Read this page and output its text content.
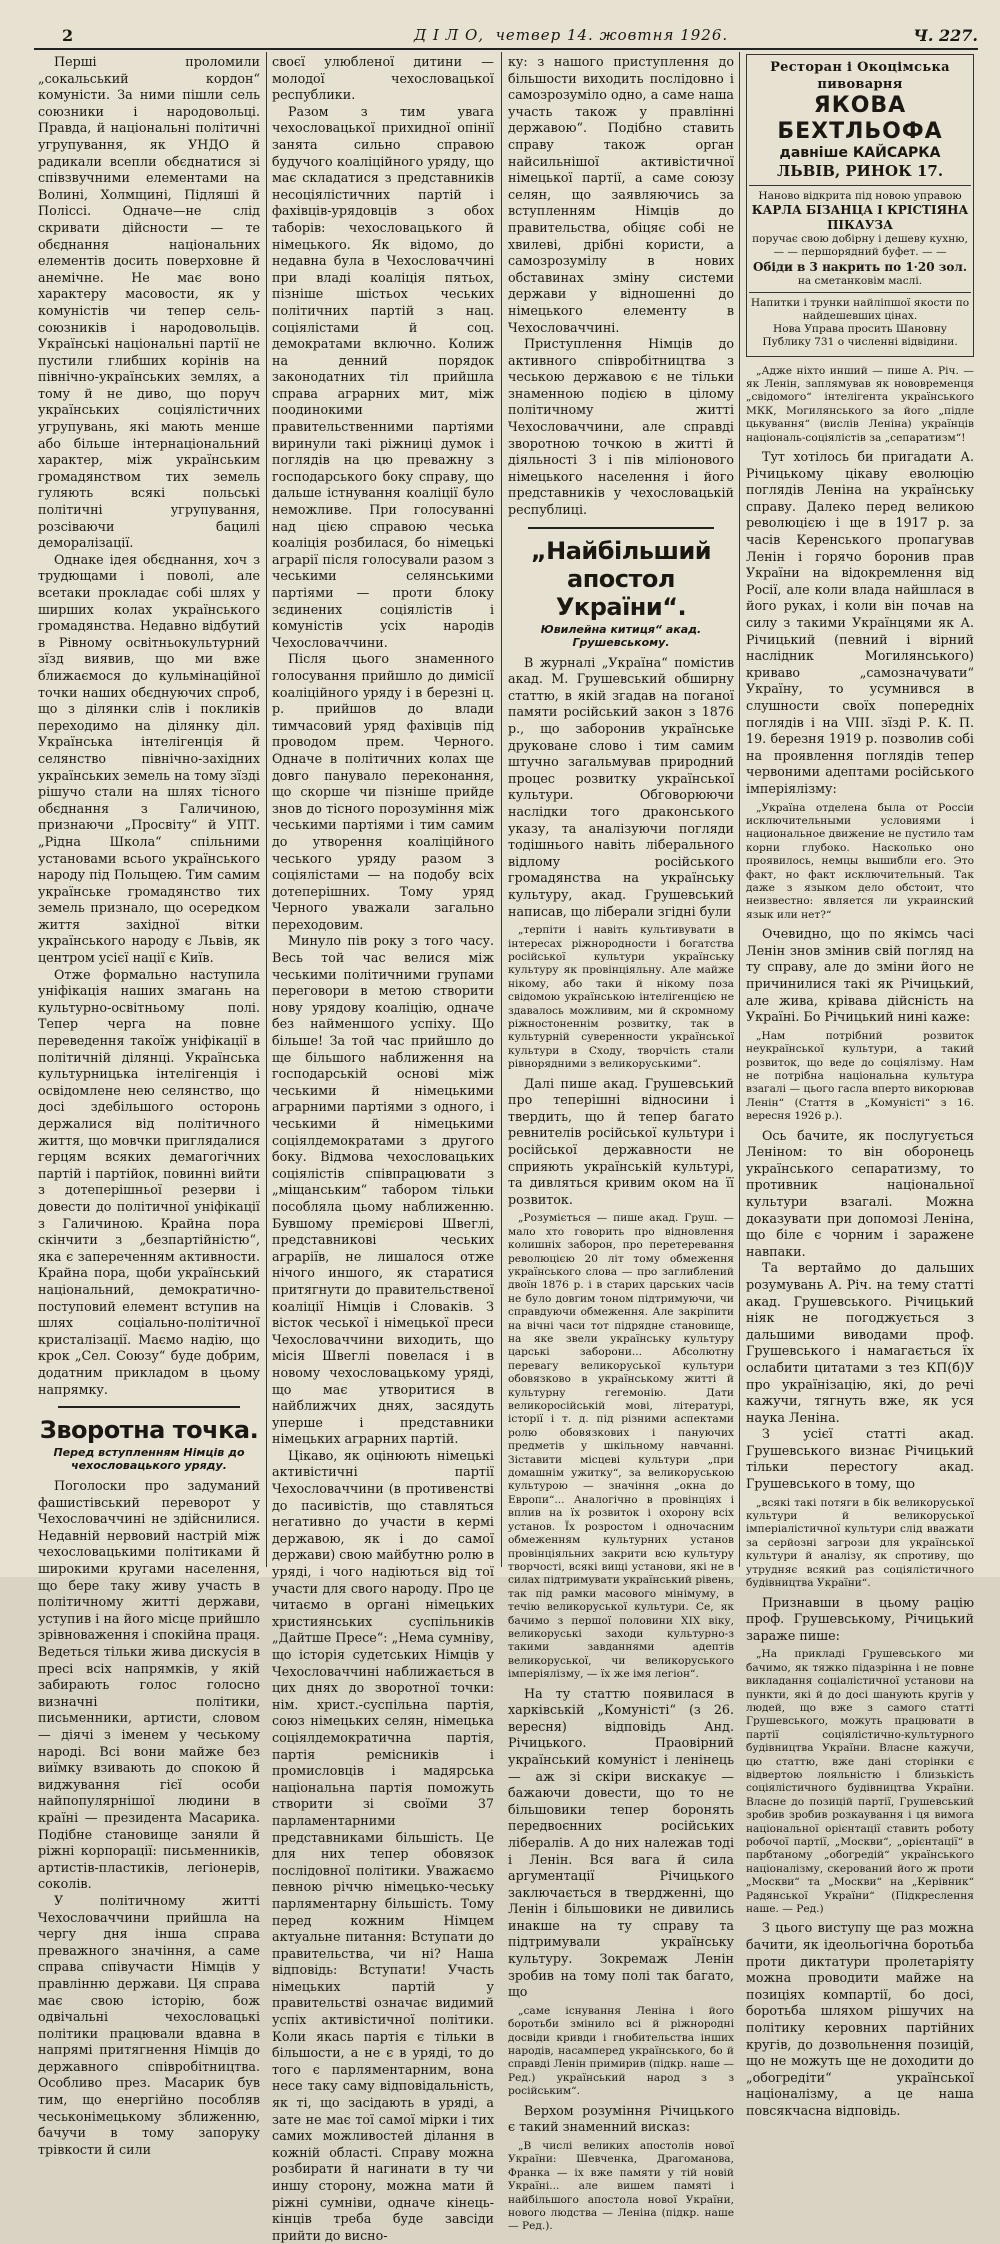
2	Д І Л О, четвер 14. жовтня 1926.	Ч. 227.

Перші проломили „сокальський кордон“ комуністи. За ними пішли сель союзники і народовольці. Правда, й національні політичні угрупування, як УНДО й радикали всепли обєднатися зі співзвучними елементами на Волині, Холмщині, Підляші й Поліссі. Одначе—не слід скривати дійсности — те обєднання національних елементів досить поверховне й анемічне. Не має воно характеру масовости, як у комуністів чи тепер сель-союзників і народовольців. Українські національні партії не пустили глибших корінів на північно-українських землях, а тому й не диво, що поруч українських соціялістичних угрупувань, які мають менше або більше інтернаціональний характер, між українським громадянством тих земель гуляють всякі польські політичні угрупування, розсіваючи бацилі деморалізації.

Однаке ідея обєднання, хоч з трудющами і поволі, але всетаки прокладає собі шлях у ширших колах українського громадянства. Недавно відбутий в Рівному освітньокультурний зїзд виявив, що ми вже ближаємося до кульмінаційної точки наших обєднуючих спроб, що з ділянки слів і покликів переходимо на ділянку діл. Українська інтелігенція й селянство північно-західних українських земель на тому зїзді рішучо стали на шлях тісного обєднання з Галичиною, признаючи „Просвіту“ й УПТ. „Рідна Школа“ спільними установами всього українського народу під Польщею. Тим самим українське громадянство тих земель признало, що осередком життя західної вітки українського народу є Львів, як центром усієї нації є Київ.

Отже формально наступила уніфікація наших змагань на культурно-освітньому полі. Тепер черга на повне переведення такоїж уніфікації в політичній ділянці. Українська культурницька інтелігенція і освідомлене нею селянство, що досі здебільшого осторонь держалися від політичного життя, що мовчки приглядалися герцям всяких демагогічних партій і партійок, повинні вийти з дотеперішньої резерви і довести до політичної уніфікації з Галичиною. Крайна пора скінчити з „безпартійністю“, яка є запереченням активности. Крайна пора, щоби український національний, демократично-поступовий елемент вступив на шлях соціально-політичної кристалізації. Маємо надію, що крок „Сел. Союзу“ буде добрим, додатним прикладом в цьому напрямку.

Зворотна точка.
Перед вступленням Німців до чехословацького уряду.

Поголоски про задуманий фашистівський переворот у Чехословаччині не здійснилися. Недавній нервовий настрій між чехословацькими політиками й широкими кругами населення, що бере таку живу участь в політичному житті держави, уступив і на його місце прийшло зрівноваження і спокійна праця. Ведеться тільки жива дискусія в пресі всіх напрямків, у якій забирають голос голосно визначні політики, письменники, артисти, словом — діячі з іменем у чеському народі. Всі вони майже без виїмку взивають до спокою й виджування гієї особи найпопулярнішої людини в країні — президента Масарика. Подібне становище заняли й ріжні корпорації: письменників, артистів-пластиків, легіонерів, соколів.

У політичному житті Чехословаччини прийшла на чергу дня інша справа преважного значіння, а саме справа співучасти Німців у правлінню держави. Ця справа має свою історію, бож одвічальні чехословацькі політики працювали вдавна в напрямі притягнення Німців до державного співробітництва. Особливо през. Масарик був тим, що енергійно пособляв чеськонімецькому зближенню, бачучи в тому запоруку трівкости й сили

своєї улюбленої дитини — молодої чехословацької республики.

Разом з тим увага чехословацької прихидної опінії занята сильно справою будучого коаліційного уряду, що має складатися з представників несоціялістичних партій і фахівців-урядовців з обох таборів: чехословацького й німецького. Як відомо, до недавна була в Чехословаччині при владі коаліція пятьох, пізніше шістьох чеських політичних партій з нац. соціялістами й соц. демократами включно. Колиж на денний порядок законодатних тіл прийшла справа аграрних мит, між поодинокими правительственними партіями виринули такі ріжниці думок і поглядів на цю преважну з господарського боку справу, що дальше істнування коаліції було неможливе. При голосуванні над цією справою чеська коаліція розбилася, бо німецькі аграрії після голосували разом з чеськими селянськими партіями — проти блоку зєдинених соціялістів і комуністів усіх народів Чехословаччини.

Після цього знаменного голосування прийшло до димісії коаліційного уряду і в березні ц. р. прийшов до влади тимчасовий уряд фахівців під проводом прем. Черного. Одначе в політичних колах ще довго панувало переконання, що скорше чи пізніше прийде знов до тісного порозуміння між чеськими партіями і тим самим до утворення коаліційного чеського уряду разом з соціялістами — на подобу всіх дотеперішних. Тому уряд Черного уважали загально переходовим.

Минуло пів року з того часу. Весь той час велися між чеськими політичними групами переговори в метою створити нову урядову коаліцію, одначе без найменшого успіху. Що більше! За той час прийшло до ще більшого наближення на господарській основі між чеськими й німецькими аграрними партіями з одного, і чеськими й німецькими соціялдемократами з другого боку. Відмова чехословацьких соціялістів співпрацювати з „міщанським“ табором тільки пособляла цьому наближенню. Бувшому премієрові Швеглі, представникові чеських аграріїв, не лишалося отже нічого иншого, як старатися притягнути до правительственої коаліції Німців і Словаків. З вісток чеської і німецької преси Чехословаччини виходить, що місія Швеглі повелася і в новому чехословацькому уряді, що має утворитися в найближчих днях, засядуть уперше і представники німецьких аграрних партій.

Цікаво, як оцінюють німецькі активістичні партії Чехословаччини (в противенстві до пасивістів, що ставляться негативно до участи в кермі державою, як і до самої держави) свою майбутню ролю в уряді, і чого надіються від тої участи для свого народу. Про це читаємо в органі німецьких християнських суспільників „Дайтше Пресе“: „Нема сумніву, що історія судетських Німців у Чехословаччині наближається в цих днях до зворотної точки: нім. христ.-суспільна партія, союз німецьких селян, німецька соціялдемократична партія, партія ремісників і промисловців і мадярська національна партія поможуть створити зі своїми 37 парламентарними представниками більшість. Це для них тепер обовязок послідовної політики. Уважаємо певною річчю німецько-чеську парляментарну більшість. Тому перед кожним Німцем актуальне питання: Вступати до правительства, чи ні? Наша відповідь: Вступати! Участь німецьких партій у правительстві означає видимий успіх активістичної політики. Коли якась партія є тільки в більшости, а не є в уряді, то до того є парляментарним, вона несе таку саму відповідальність, як ті, що засідають в уряді, а зате не має тої самої мірки і тих самих можливостей ділання в кожній області. Справу можна розбирати й нагинати в ту чи иншу сторону, можна мати й ріжні сумніви, одначе кінець-кінців треба буде завсіди прийти до висно-

ку: з нашого приступлення до більшости виходить послідовно і самозрозуміло одно, а саме наша участь також у правлінні державою“. Подібно ставить справу також орган найсильнішої активістичної німецької партії, а саме союзу селян, що заявляючись за вступленням Німців до правительства, обіцяє собі не хвилеві, дрібні користи, а самозрозумілу в нових обставинах зміну системи держави у відношенні до німецького елементу в Чехословаччині.

Приступлення Німців до активного співробітництва з чеською державою є не тільки знаменною подією в цілому політичному житті Чехословаччини, але справді зворотною точкою в житті й діяльності 3 і пів міліонового німецького населення і його представників у чехословацькій республиці.

„Найбільший апостол України“.
Ювилейна китиця“ акад. Грушевському.

В журналі „Україна“ помістив акад. М. Грушевський обширну статтю, в якій згадав на поганої памяти російський закон з 1876 р., що заборонив українське друковане слово і тим самим штучно загальмував природний процес розвитку української культури. Обговорюючи наслідки того драконського указу, та аналізуючи погляди тодішнього навіть ліберального відлому російського громадянства на українську культуру, акад. Грушевський написав, що ліберали згідні були

„терпіти і навіть культивувати в інтересах ріжнородности і богатства російської культури українську культуру як провінціяльну. Але майже нікому, або таки й нікому поза свідомою українською інтелігенцією не здавалось можливим, ми й скромному ріжностоненнім розвитку, так в культурній суверенности української культури в Сходу, творчість стали рівнорядними з великоруськими“.

Далі пише акад. Грушевський про теперішні відносини і твердить, що й тепер багато ревнителів російської культури і російської державности не сприяють українській культурі, та дивляться кривим оком на її розвиток.

„Розуміється — пише акад. Груш. — мало хто говорить про відновлення колишніх заборон, про перетеревання революцією 20 літ тому обмеження українського слова — про заглиблений двоїн 1876 р. і в старих царських часів не було довгим тоном підтримуючи, чи справдуючи обмеження. Але закріпити на вічні часи тот підрядне становище, на яке звели українську культуру царські заборони... Абсолютну перевагу великоруської культури обовязково в українському житті й культурну гегемонію. Дати великоросійській мові, літературі, історії і т. д. під різними аспектами ролю обовязкових і пануючих предметів у шкільному навчанні. Зіставити місцеві культури „при домашнім ужитку“, за великоруською культурою — значіння „окна до Европи“... Аналогічно в провінціях і вплив на їх розвиток і охорону всіх установ. Їх розростом і одночасним обмеженням культурних установ провінціяльних закрити всю культуру творчості, всякі вищі установи, які не в силах підтримувати український рівень, так під рамки масового мінімуму, в течію великоруської культури. Се, як бачимо з першої половини XIX віку, великоруські заходи культурно-з такими завданнями адептів великоруської, чи великоруського імперіялізму, — їх же імя легіон“.

На ту статтю появилася в харківській „Комуністі“ (з 26. вересня) відповідь Анд. Річицького. Праовірний український комуніст і ленінець — аж зі скіри вискакує — бажаючи довести, що то не більшовики тепер боронять передвоєнних російських лібералів. А до них належав тоді і Ленін. Вся вага й сила аргументації Річицького заключається в твердженні, що Ленін і більшовики не дивились инакше на ту справу та підтримували українську культуру. Зокремаж Ленін зробив на тому полі так багато, що

„саме існування Леніна і його боротьби змінило всі й ріжнородні досвіди кривди і гнобительства інших народів, насамперед українського, бо й справді Ленін примирив (підкр. наше — Ред.) український народ з з російським“.

Верхом розуміння Річицького є такий знаменний висказ:

„В числі великих апостолів нової України: Шевченка, Драгоманова, Франка — іх вже памяти у тій новій Україні... але вишем памяті і найбільшого апостола нової України, нового людства — Леніна (підкр. наше — Ред.).
Ресторан і Окоцімська пивоварня
ЯКОВА БЕХТЛЬОФА
давніше КАЙСАРКА
ЛЬВІВ, РИНОК 17.
Наново відкрита під новою управою
КАРЛА БІЗАНЦА І КРІСТІЯНА ПІКАУЗА
поручає свою добірну і дешеву кухню, — — першорядний буфет. — —
Обіди в 3 накрить по 1·20 зол.
на сметанковім маслі.
Напитки і трунки найліпшої якости по найдешевших цінах.
Нова Управа просить Шановну Публику 731 о численні відвідини.
„Адже ніхто инший — пише А. Річ. — як Ленін, заплямував як нововременця „свідомого“ інтелігента українського МКК, Могилянського за його „підле цькування“ (вислів Леніна) українців національ-соціялістів за „сепаратизм“!

Тут хотілось би пригадати А. Річицькому цікаву еволюцію поглядів Леніна на українську справу. Далеко перед великою революцією і ще в 1917 р. за часів Керенського пропагував Ленін і горячо боронив прав України на відокремлення від Росії, але коли влада найшлася в його руках, і коли він почав на силу з такими Українцями як А. Річицький (певний і вірний наслідник Могилянського) криваво „самозначувати“ Україну, то усумнився в слушности своїх попередніх поглядів і на VIII. зїзді Р. К. П. 19. березня 1919 р. позволив собі на проявлення поглядів тепер червоними адептами російського імперіялізму:

„Україна отделена была от Россіи исключительными условиями і национальное движение не пустило там корни глубоко. Насколько оно проявилось, немцы вышибли его. Это факт, но факт исключительный. Так даже з языком дело обстоит, что неизвестно: является ли украинский язык или нет?“

Очевидно, що по якімсь часі Ленін знов змінив свій погляд на ту справу, але до зміни його не причинилися такі як Річицький, але жива, крівава дійсність на Україні. Бо Річицький нині каже:

„Нам потрібний розвиток неукраїнської культури, а такий розвиток, що веде до соціялізму. Нам не потрібна національна культура взагалі — цього гасла вперто викорював Ленін“ (Стаття в „Комуністі“ з 16. вересня 1926 р.).

Ось бачите, як послугується Леніном: то він оборонець українського сепаратизму, то противник національної культури взагалі. Можна доказувати при допомозі Леніна, що біле є чорним і заражене навпаки.

Та вертаймо до дальших розумувань А. Річ. на тему статті акад. Грушевського. Річицький ніяк не погоджується з дальшими виводами проф. Грушевського і намагається їх ослабити цитатами з тез КП(б)У про українізацію, які, до речі кажучи, тягнуть вже, як уся наука Леніна.

З усієї статті акад. Грушевського визнає Річицький тільки перестогу акад. Грушевського в тому, що

„всякі такі потяги в бік великоруської культури й великоруської імперіалістичної культури слід вважати за серйозні загрози для української культури й аналізу, як спротиву, що утрудняє всякий раз соціялістичного будівництва України“.

Признавши в цьому рацію проф. Грушевському, Річицький зараже пише:

„На прикладі Грушевського ми бачимо, як тяжко підазрінна і не повне викладання соціалістичної установи на пункти, які й до досі шанують кругів у людей, що вже з самого статті Грушевського, можуть працювати в партії соціялістично-культурного будівництва України. Власне кажучи, цю статтю, вже дані сторінки є відвертою лояльністю і близькість соціялістичного будівництва України. Власне до позицій партії, Грушевський зробив зробив розкаування і ця вимога національної орієнтації ставить роботу робочої партії, „Москви“, „орієнтації“ в парбтаному „обогредій“ українського націоналізму, скерований його ж проти „Москви“ та „Москви“ на „Керівник“ Радянської України“ (Підкреслення наше. — Ред.)

З цього виступу ще раз можна бачити, як ідеольогічна боротьба проти диктатури пролетаріяту можна проводити майже на позиціях компартії, бо досі, боротьба шляхом рішучих на політику керовних партійних кругів, до дозвольнення позицій, що не можуть ще не доходити до „обогредіти“ української націоналізму, а це наша повсякчасна відповідь.
